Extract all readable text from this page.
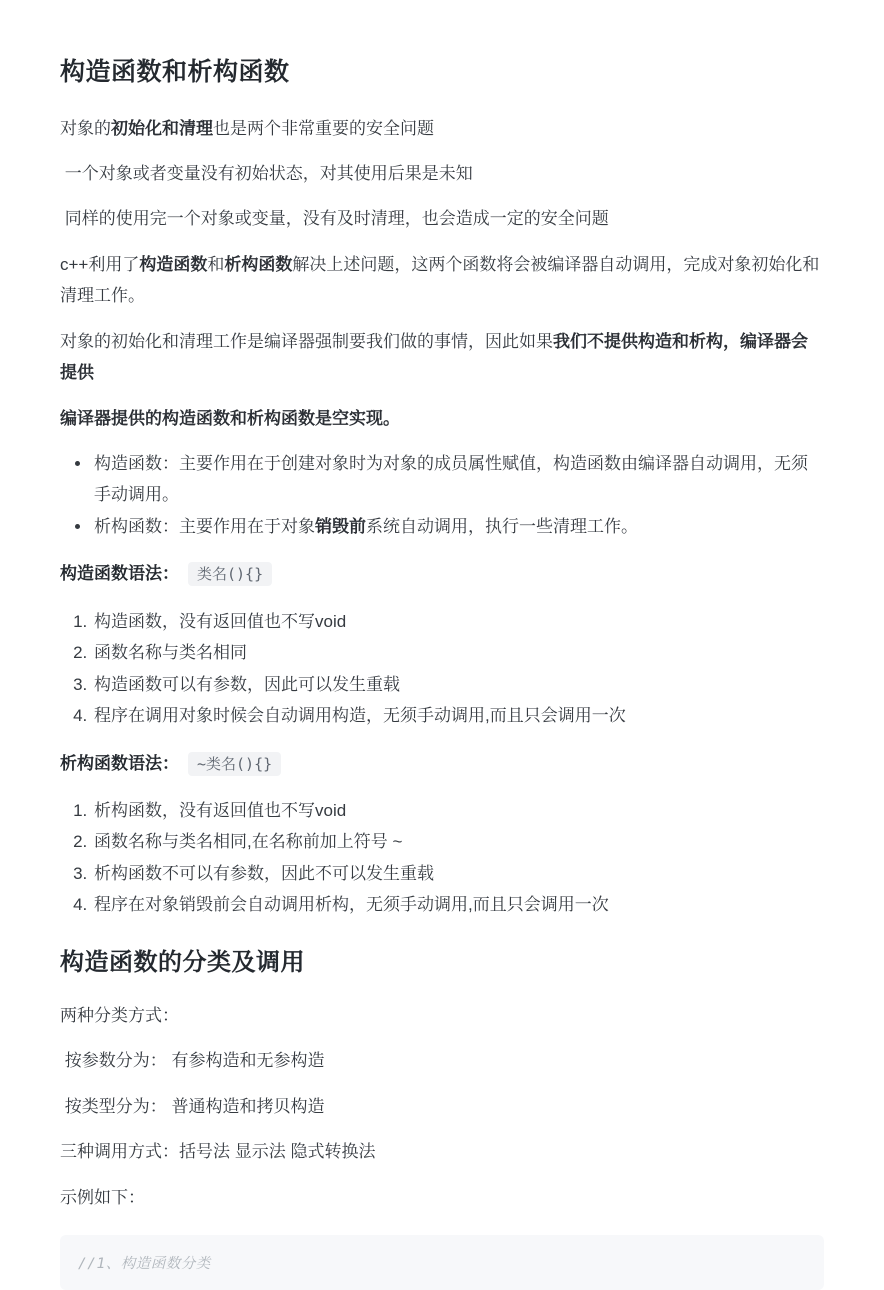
构造函数和析构函数

对象的初始化和清理也是两个非常重要的安全问题

一个对象或者变量没有初始状态，对其使用后果是未知

同样的使用完一个对象或变量，没有及时清理，也会造成一定的安全问题

c++利用了构造函数和析构函数解决上述问题，这两个函数将会被编译器自动调用，完成对象初始化和清理工作。

对象的初始化和清理工作是编译器强制要我们做的事情，因此如果我们不提供构造和析构，编译器会提供

编译器提供的构造函数和析构函数是空实现。

• 构造函数：主要作用在于创建对象时为对象的成员属性赋值，构造函数由编译器自动调用，无须手动调用。
• 析构函数：主要作用在于对象销毁前系统自动调用，执行一些清理工作。

构造函数语法： 类名(){}

1. 构造函数，没有返回值也不写void
2. 函数名称与类名相同
3. 构造函数可以有参数，因此可以发生重载
4. 程序在调用对象时候会自动调用构造，无须手动调用,而且只会调用一次

析构函数语法： ~类名(){}

1. 析构函数，没有返回值也不写void
2. 函数名称与类名相同,在名称前加上符号 ~
3. 析构函数不可以有参数，因此不可以发生重载
4. 程序在对象销毁前会自动调用析构，无须手动调用,而且只会调用一次
构造函数的分类及调用

两种分类方式：

按参数分为： 有参构造和无参构造

按类型分为： 普通构造和拷贝构造

三种调用方式：括号法 显示法 隐式转换法

示例如下：

//1、构造函数分类
